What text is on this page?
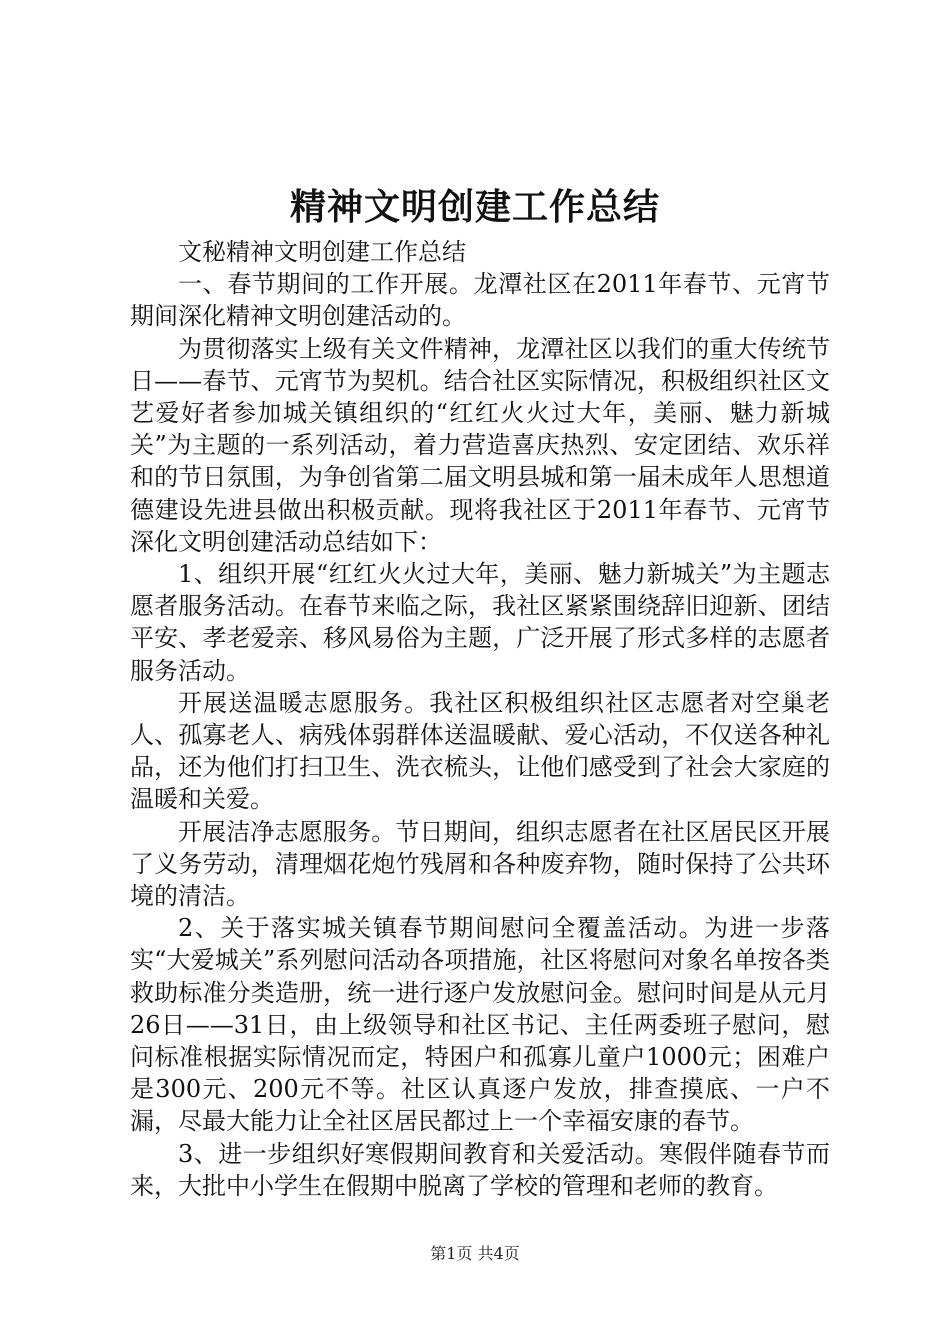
精神文明创建工作总结

文秘精神文明创建工作总结

一、春节期间的工作开展。龙潭社区在2011年春节、元宵节期间深化精神文明创建活动的。

为贯彻落实上级有关文件精神，龙潭社区以我们的重大传统节日——春节、元宵节为契机。结合社区实际情况，积极组织社区文艺爱好者参加城关镇组织的“红红火火过大年，美丽、魅力新城关”为主题的一系列活动，着力营造喜庆热烈、安定团结、欢乐祥和的节日氛围，为争创省第二届文明县城和第一届未成年人思想道德建设先进县做出积极贡献。现将我社区于2011年春节、元宵节深化文明创建活动总结如下：

1、组织开展“红红火火过大年，美丽、魅力新城关”为主题志愿者服务活动。在春节来临之际，我社区紧紧围绕辞旧迎新、团结平安、孝老爱亲、移风易俗为主题，广泛开展了形式多样的志愿者服务活动。

开展送温暖志愿服务。我社区积极组织社区志愿者对空巢老人、孤寡老人、病残体弱群体送温暖献、爱心活动，不仅送各种礼品，还为他们打扫卫生、洗衣梳头，让他们感受到了社会大家庭的温暖和关爱。

开展洁净志愿服务。节日期间，组织志愿者在社区居民区开展了义务劳动，清理烟花炮竹残屑和各种废弃物，随时保持了公共环境的清洁。

2、关于落实城关镇春节期间慰问全覆盖活动。为进一步落实“大爱城关”系列慰问活动各项措施，社区将慰问对象名单按各类救助标准分类造册，统一进行逐户发放慰问金。慰问时间是从元月26日——31日，由上级领导和社区书记、主任两委班子慰问，慰问标准根据实际情况而定，特困户和孤寡儿童户1000元；困难户是300元、200元不等。社区认真逐户发放，排查摸底、一户不漏，尽最大能力让全社区居民都过上一个幸福安康的春节。

3、进一步组织好寒假期间教育和关爱活动。寒假伴随春节而来，大批中小学生在假期中脱离了学校的管理和老师的教育。

第1页 共4页
